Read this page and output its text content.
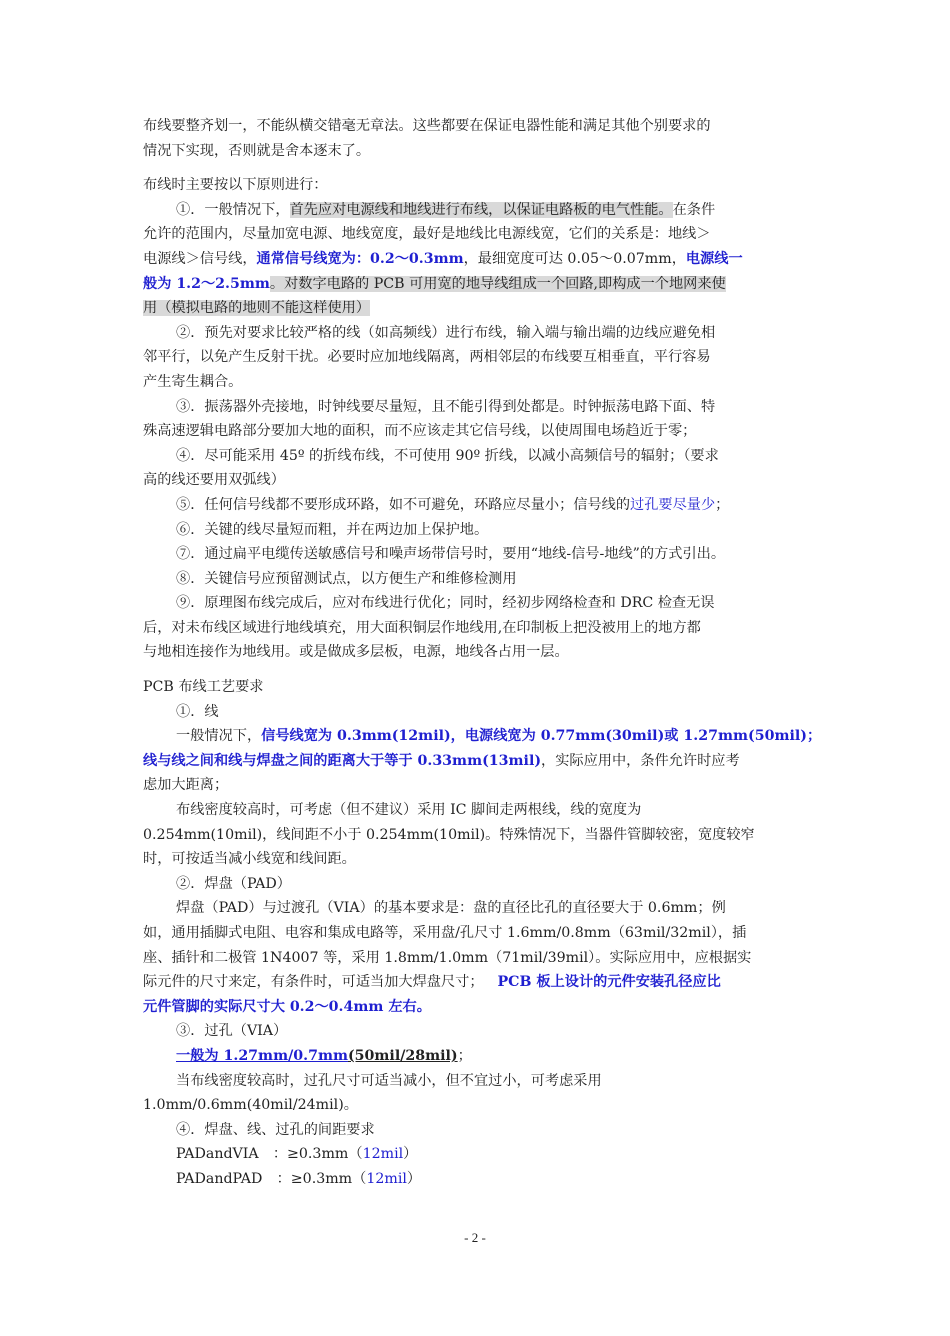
布线要整齐划一，不能纵横交错毫无章法。这些都要在保证电器性能和满足其他个别要求的
情况下实现，否则就是舍本逐末了。
布线时主要按以下原则进行：
①．一般情况下，首先应对电源线和地线进行布线，以保证电路板的电气性能。在条件
允许的范围内，尽量加宽电源、地线宽度，最好是地线比电源线宽，它们的关系是：地线＞
电源线＞信号线，通常信号线宽为：0.2～0.3mm，最细宽度可达 0.05～0.07mm，电源线一
般为 1.2～2.5mm。对数字电路的 PCB 可用宽的地导线组成一个回路,即构成一个地网来使
用（模拟电路的地则不能这样使用）
②．预先对要求比较严格的线（如高频线）进行布线，输入端与输出端的边线应避免相
邻平行，以免产生反射干扰。必要时应加地线隔离，两相邻层的布线要互相垂直，平行容易
产生寄生耦合。
③．振荡器外壳接地，时钟线要尽量短，且不能引得到处都是。时钟振荡电路下面、特
殊高速逻辑电路部分要加大地的面积，而不应该走其它信号线，以使周围电场趋近于零；
④．尽可能采用 45º 的折线布线，不可使用 90º 折线，以减小高频信号的辐射；（要求
高的线还要用双弧线）
⑤．任何信号线都不要形成环路，如不可避免，环路应尽量小；信号线的过孔要尽量少；
⑥．关键的线尽量短而粗，并在两边加上保护地。
⑦．通过扁平电缆传送敏感信号和噪声场带信号时，要用“地线-信号-地线”的方式引出。
⑧．关键信号应预留测试点，以方便生产和维修检测用
⑨．原理图布线完成后，应对布线进行优化；同时，经初步网络检查和 DRC 检查无误
后，对未布线区域进行地线填充，用大面积铜层作地线用,在印制板上把没被用上的地方都
与地相连接作为地线用。或是做成多层板，电源，地线各占用一层。
PCB 布线工艺要求
①．线
一般情况下，信号线宽为 0.3mm(12mil)，电源线宽为 0.77mm(30mil)或 1.27mm(50mil)；
线与线之间和线与焊盘之间的距离大于等于 0.33mm(13mil)，实际应用中，条件允许时应考
虑加大距离；
布线密度较高时，可考虑（但不建议）采用 IC 脚间走两根线，线的宽度为
0.254mm(10mil)，线间距不小于 0.254mm(10mil)。特殊情况下，当器件管脚较密，宽度较窄
时，可按适当减小线宽和线间距。
②．焊盘（PAD）
焊盘（PAD）与过渡孔（VIA）的基本要求是：盘的直径比孔的直径要大于 0.6mm；例
如，通用插脚式电阻、电容和集成电路等，采用盘/孔尺寸 1.6mm/0.8mm（63mil/32mil），插
座、插针和二极管 1N4007 等，采用 1.8mm/1.0mm（71mil/39mil）。实际应用中，应根据实
际元件的尺寸来定，有条件时，可适当加大焊盘尺寸； PCB 板上设计的元件安装孔径应比
元件管脚的实际尺寸大 0.2～0.4mm 左右。
③．过孔（VIA）
一般为 1.27mm/0.7mm(50mil/28mil)；
当布线密度较高时，过孔尺寸可适当减小，但不宜过小，可考虑采用
1.0mm/0.6mm(40mil/24mil)。
④．焊盘、线、过孔的间距要求
PADandVIA　：≥0.3mm（12mil）
PADandPAD　：≥0.3mm（12mil）
- 2 -
